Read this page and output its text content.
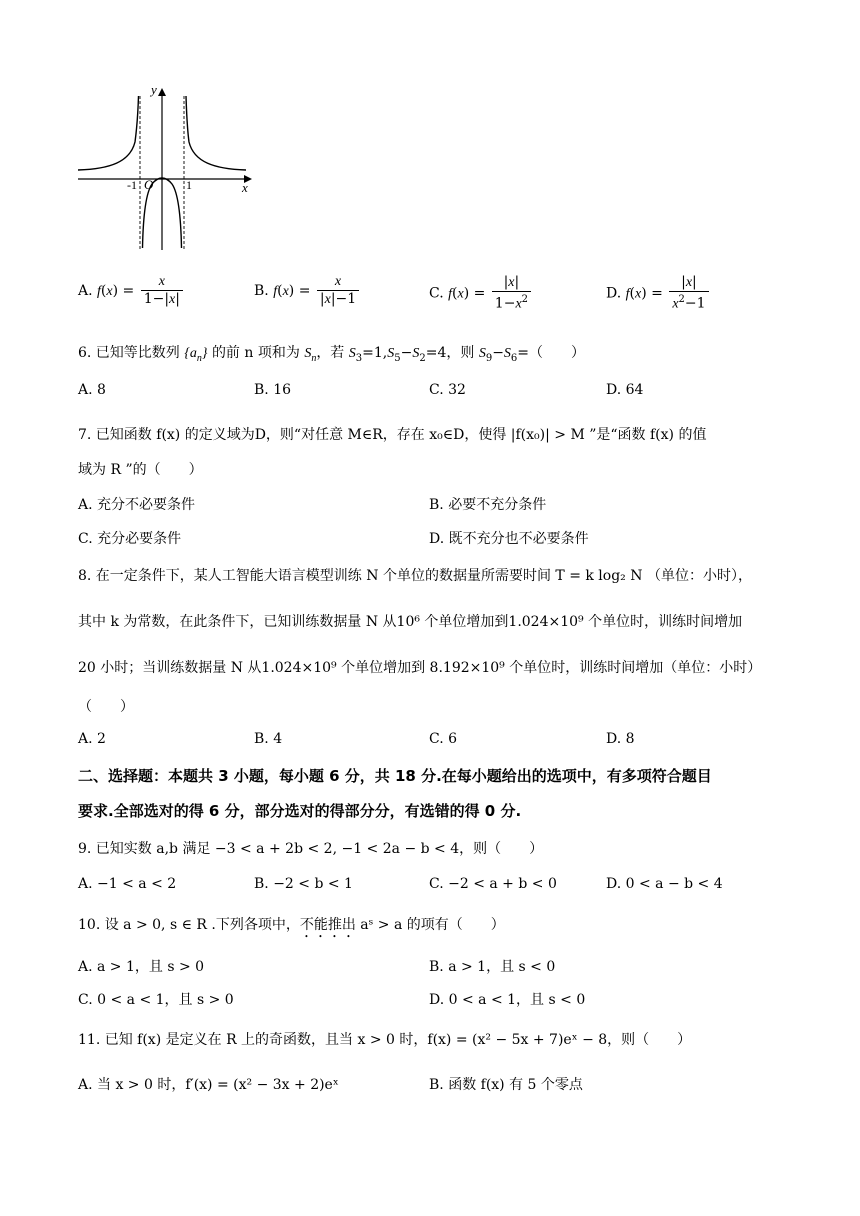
y
x
O
-1	1
A. $f(x) = \frac{x}{1-|x|}$	B. $f(x) = \frac{x}{|x|-1}$	C. $f(x) = \frac{|x|}{1-x^2}$	D. $f(x) = \frac{|x|}{x^2-1}$
6. 已知等比数列 $\{a_n\}$ 的前 n 项和为 $S_n$，若 $S_3=1,S_5-S_2=4$，则 $S_9-S_6=$（　　）
A. 8	B. 16	C. 32	D. 64
7. 已知函数 f(x) 的定义域为D，则“对任意 M∈R，存在 x₀∈D，使得 |f(x₀)| > M ”是“函数 f(x) 的值
域为 R ”的（　　）
A. 充分不必要条件	B. 必要不充分条件
C. 充分必要条件	D. 既不充分也不必要条件
8. 在一定条件下，某人工智能大语言模型训练 N 个单位的数据量所需要时间 T = k log₂ N （单位：小时），
其中 k 为常数，在此条件下，已知训练数据量 N 从10⁶ 个单位增加到1.024×10⁹ 个单位时，训练时间增加
20 小时；当训练数据量 N 从1.024×10⁹ 个单位增加到 8.192×10⁹ 个单位时，训练时间增加（单位：小时）
（　　）
A. 2	B. 4	C. 6	D. 8
二、选择题：本题共 3 小题，每小题 6 分，共 18 分.在每小题给出的选项中，有多项符合题目
要求.全部选对的得 6 分，部分选对的得部分分，有选错的得 0 分.
9. 已知实数 a,b 满足 −3 < a + 2b < 2, −1 < 2a − b < 4，则（　　）
A. −1 < a < 2	B. −2 < b < 1	C. −2 < a + b < 0	D. 0 < a − b < 4
10. 设 a > 0, s ∈ R .下列各项中，不能推出 aˢ > a 的项有（　　）
A. a > 1，且 s > 0	B. a > 1，且 s < 0
C. 0 < a < 1，且 s > 0	D. 0 < a < 1，且 s < 0
11. 已知 f(x) 是定义在 R 上的奇函数，且当 x > 0 时，f(x) = (x² − 5x + 7)eˣ − 8，则（　　）
A. 当 x > 0 时，f′(x) = (x² − 3x + 2)eˣ	B. 函数 f(x) 有 5 个零点
